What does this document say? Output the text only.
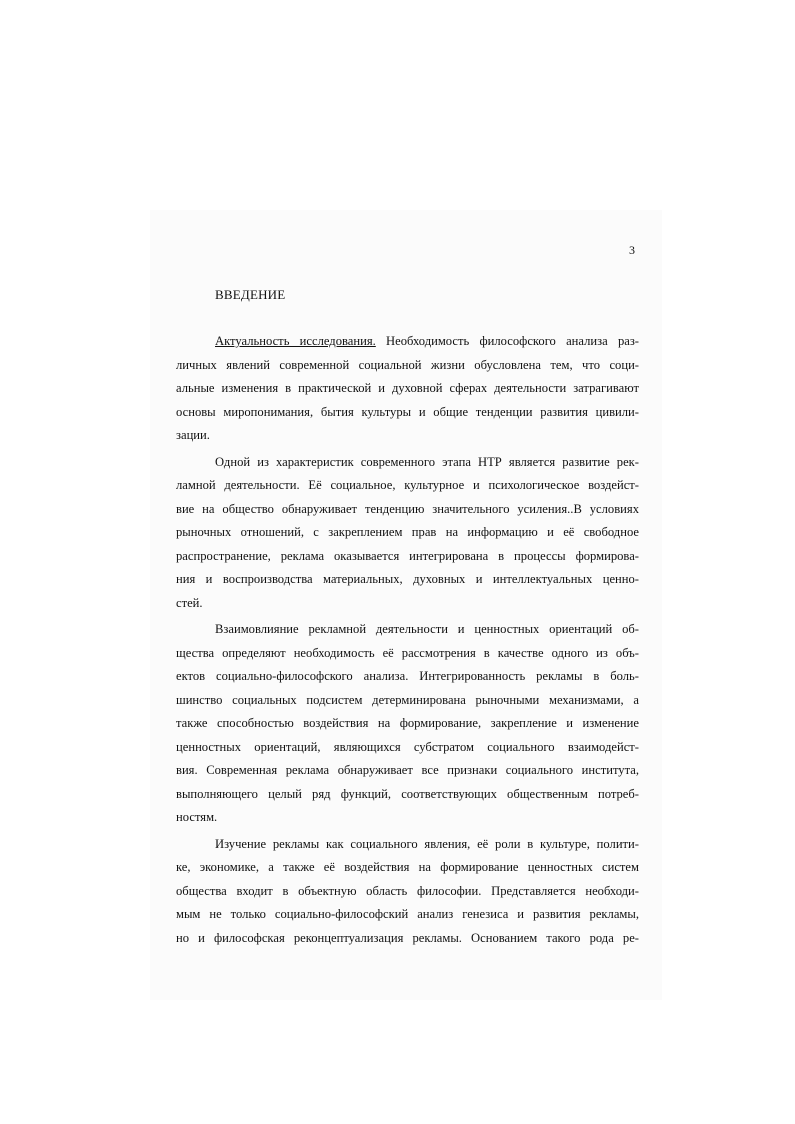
3
ВВЕДЕНИЕ
Актуальность исследования. Необходимость философского анализа раз-
личных явлений современной социальной жизни обусловлена тем, что соци-
альные изменения в практической и духовной сферах деятельности затрагивают
основы миропонимания, бытия культуры и общие тенденции развития цивили-
зации.
Одной из характеристик современного этапа НТР является развитие рек-
ламной деятельности. Её социальное, культурное и психологическое воздейст-
вие на общество обнаруживает тенденцию значительного усиления..В условиях
рыночных отношений, с закреплением прав на информацию и её свободное
распространение, реклама оказывается интегрирована в процессы формирова-
ния и воспроизводства материальных, духовных и интеллектуальных ценно-
стей.
Взаимовлияние рекламной деятельности и ценностных ориентаций об-
щества определяют необходимость её рассмотрения в качестве одного из объ-
ектов социально-философского анализа. Интегрированность рекламы в боль-
шинство социальных подсистем детерминирована рыночными механизмами, а
также способностью воздействия на формирование, закрепление и изменение
ценностных ориентаций, являющихся субстратом социального взаимодейст-
вия. Современная реклама обнаруживает все признаки социального института,
выполняющего целый ряд функций, соответствующих общественным потреб-
ностям.
Изучение рекламы как социального явления, её роли в культуре, полити-
ке, экономике, а также её воздействия на формирование ценностных систем
общества входит в объектную область философии. Представляется необходи-
мым не только социально-философский анализ генезиса и развития рекламы,
но и философская реконцептуализация рекламы. Основанием такого рода ре-
